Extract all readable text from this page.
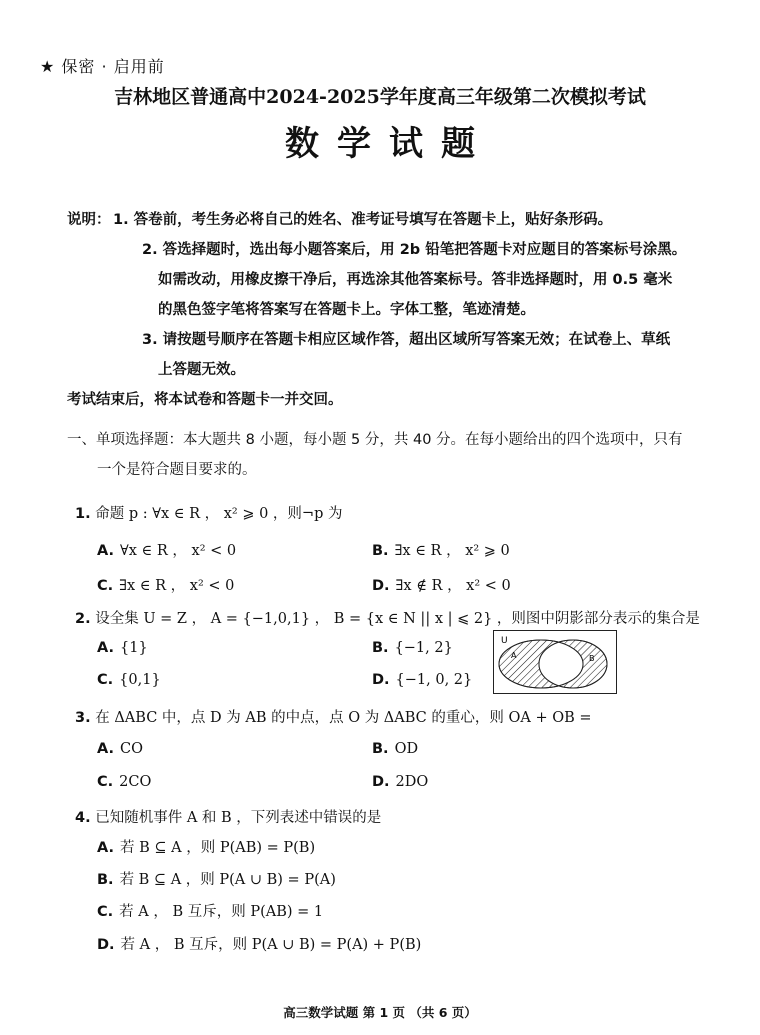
★ 保密 · 启用前
吉林地区普通高中2024-2025学年度高三年级第二次模拟考试
数学试题
说明： 1. 答卷前，考生务必将自己的姓名、准考证号填写在答题卡上，贴好条形码。
2. 答选择题时，选出每小题答案后，用 2b 铅笔把答题卡对应题目的答案标号涂黑。
如需改动，用橡皮擦干净后，再选涂其他答案标号。答非选择题时，用 0.5 毫米
的黑色签字笔将答案写在答题卡上。字体工整，笔迹清楚。
3. 请按题号顺序在答题卡相应区域作答，超出区域所写答案无效；在试卷上、草纸
上答题无效。
考试结束后，将本试卷和答题卡一并交回。
一、单项选择题：本大题共 8 小题，每小题 5 分，共 40 分。在每小题给出的四个选项中，只有
一个是符合题目要求的。
1. 命题 p : ∀x ∈ R ， x² ⩾ 0 ，则¬p 为
A. ∀x ∈ R ， x² < 0	B. ∃x ∈ R ， x² ⩾ 0
C. ∃x ∈ R ， x² < 0	D. ∃x ∉ R ， x² < 0
2. 设全集 U = Z ， A = {−1,0,1} ， B = {x ∈ N || x | ⩽ 2} ，则图中阴影部分表示的集合是
A. {1}	B. {−1, 2}
C. {0,1}	D. {−1, 0, 2}
U
A	B
3. 在 ΔABC 中，点 D 为 AB 的中点，点 O 为 ΔABC 的重心，则 OA + OB =
A. CO	B. OD
C. 2CO	D. 2DO
4. 已知随机事件 A 和 B ，下列表述中错误的是
A. 若 B ⊆ A ，则 P(AB) = P(B)
B. 若 B ⊆ A ，则 P(A ∪ B) = P(A)
C. 若 A ， B 互斥，则 P(AB) = 1
D. 若 A ， B 互斥，则 P(A ∪ B) = P(A) + P(B)
高三数学试题 第 1 页 （共 6 页）
